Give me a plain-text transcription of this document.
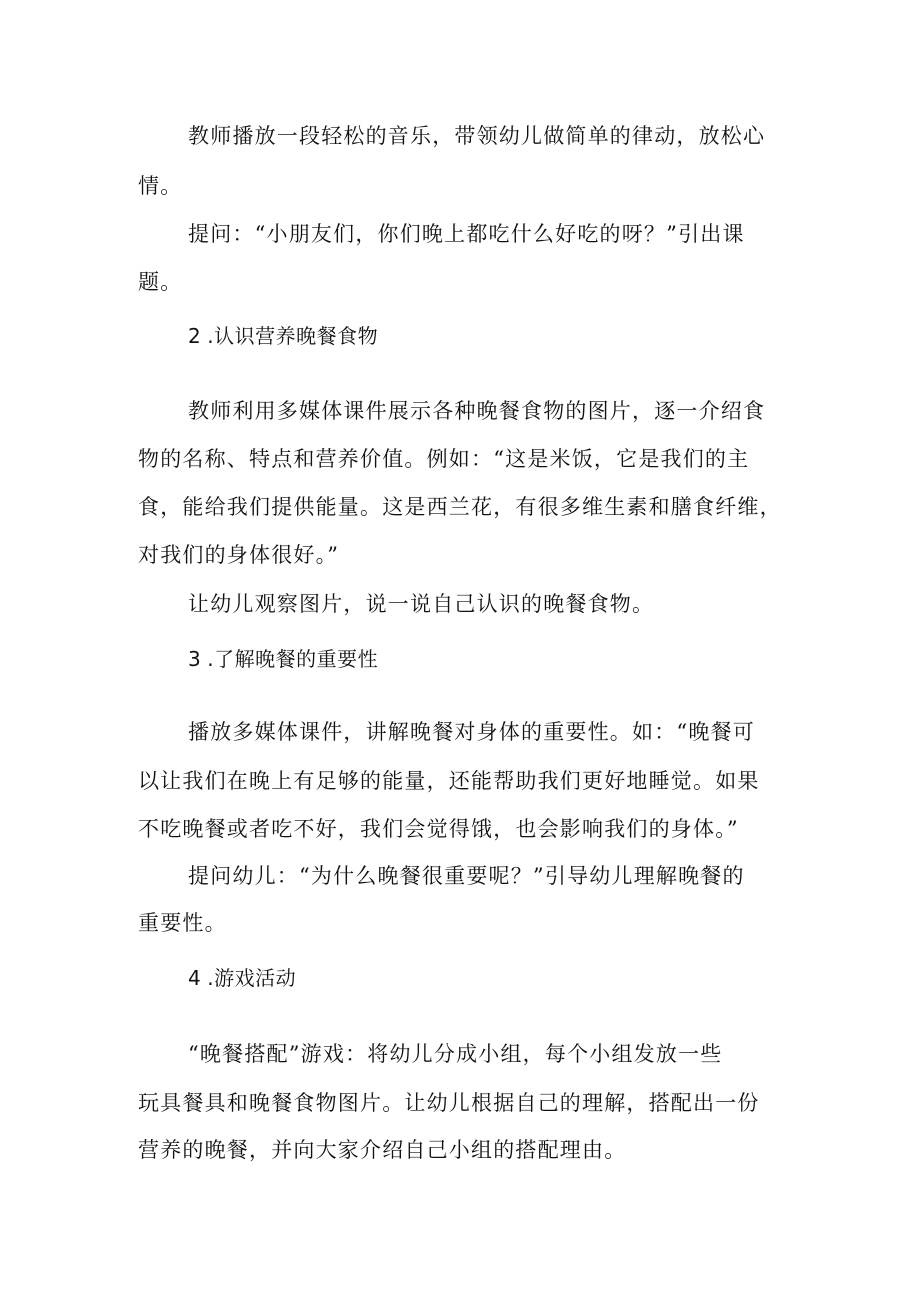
教师播放一段轻松的音乐，带领幼儿做简单的律动，放松心

情。

提问：“小朋友们，你们晚上都吃什么好吃的呀？”引出课

题。

2 .认识营养晚餐食物

教师利用多媒体课件展示各种晚餐食物的图片，逐一介绍食

物的名称、特点和营养价值。例如：“这是米饭，它是我们的主

食，能给我们提供能量。这是西兰花，有很多维生素和膳食纤维，

对我们的身体很好。”

让幼儿观察图片，说一说自己认识的晚餐食物。

3 .了解晚餐的重要性

播放多媒体课件，讲解晚餐对身体的重要性。如：“晚餐可

以让我们在晚上有足够的能量，还能帮助我们更好地睡觉。如果

不吃晚餐或者吃不好，我们会觉得饿，也会影响我们的身体。”

提问幼儿：“为什么晚餐很重要呢？”引导幼儿理解晚餐的

重要性。

4 .游戏活动

“晚餐搭配”游戏：将幼儿分成小组，每个小组发放一些

玩具餐具和晚餐食物图片。让幼儿根据自己的理解，搭配出一份

营养的晚餐，并向大家介绍自己小组的搭配理由。
